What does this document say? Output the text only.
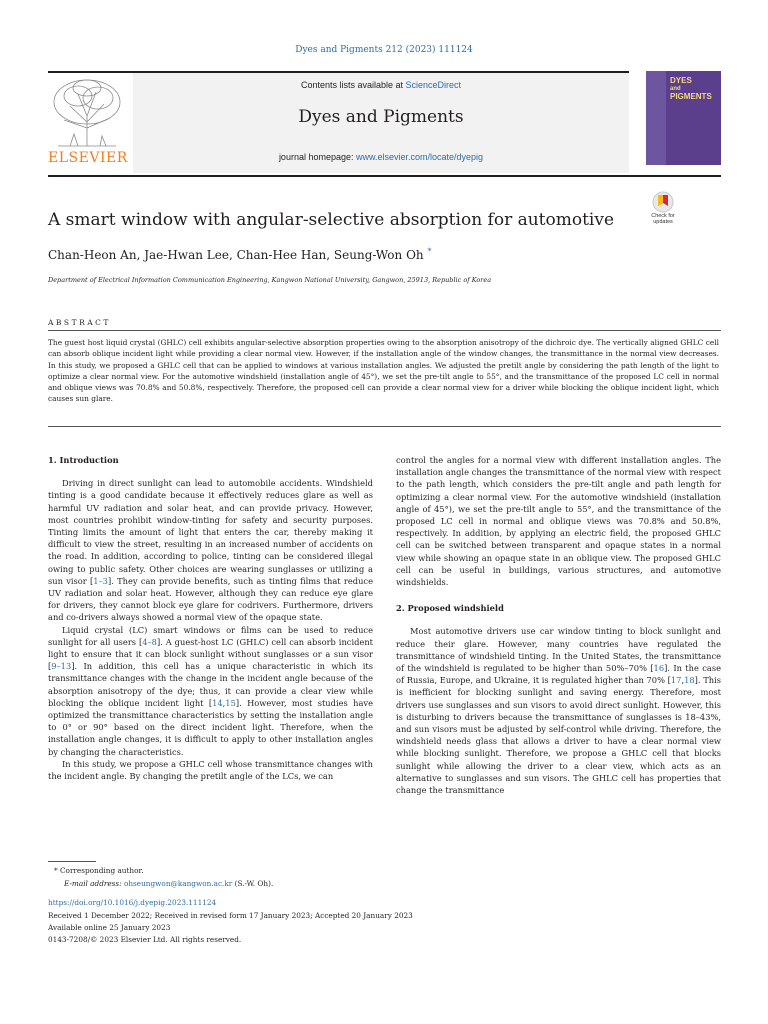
Dyes and Pigments 212 (2023) 111124
ELSEVIER
Contents lists available at ScienceDirect
Dyes and Pigments
journal homepage: www.elsevier.com/locate/dyepig
DYES
and
PIGMENTS
Check for
updates
A smart window with angular-selective absorption for automotive
Chan-Heon An, Jae-Hwan Lee, Chan-Hee Han, Seung-Won Oh *
Department of Electrical Information Communication Engineering, Kangwon National University, Gangwon, 25913, Republic of Korea
ABSTRACT
The guest host liquid crystal (GHLC) cell exhibits angular-selective absorption properties owing to the absorption anisotropy of the dichroic dye. The vertically aligned GHLC cell can absorb oblique incident light while providing a clear normal view. However, if the installation angle of the window changes, the transmittance in the normal view decreases. In this study, we proposed a GHLC cell that can be applied to windows at various installation angles. We adjusted the pretilt angle by considering the path length of the light to optimize a clear normal view. For the automotive windshield (installation angle of 45°), we set the pre-tilt angle to 55°, and the transmittance of the proposed LC cell in normal and oblique views was 70.8% and 50.8%, respectively. Therefore, the proposed cell can provide a clear normal view for a driver while blocking the oblique incident light, which causes sun glare.
1. Introduction

Driving in direct sunlight can lead to automobile accidents. Windshield tinting is a good candidate because it effectively reduces glare as well as harmful UV radiation and solar heat, and can provide privacy. However, most countries prohibit window-tinting for safety and security purposes. Tinting limits the amount of light that enters the car, thereby making it difficult to view the street, resulting in an increased number of accidents on the road. In addition, according to police, tinting can be considered illegal owing to public safety. Other choices are wearing sunglasses or utilizing a sun visor [1–3]. They can provide benefits, such as tinting films that reduce UV radiation and solar heat. However, although they can reduce eye glare for drivers, they cannot block eye glare for codrivers. Furthermore, drivers and co-drivers always showed a normal view of the opaque state.

Liquid crystal (LC) smart windows or films can be used to reduce sunlight for all users [4–8]. A guest-host LC (GHLC) cell can absorb incident light to ensure that it can block sunlight without sunglasses or a sun visor [9–13]. In addition, this cell has a unique characteristic in which its transmittance changes with the change in the incident angle because of the absorption anisotropy of the dye; thus, it can provide a clear view while blocking the oblique incident light [14,15]. However, most studies have optimized the transmittance characteristics by setting the installation angle to 0° or 90° based on the direct incident light. Therefore, when the installation angle changes, it is difficult to apply to other installation angles by changing the characteristics.

In this study, we propose a GHLC cell whose transmittance changes with the incident angle. By changing the pretilt angle of the LCs, we can

control the angles for a normal view with different installation angles. The installation angle changes the transmittance of the normal view with respect to the path length, which considers the pre-tilt angle and path length for optimizing a clear normal view. For the automotive windshield (installation angle of 45°), we set the pre-tilt angle to 55°, and the transmittance of the proposed LC cell in normal and oblique views was 70.8% and 50.8%, respectively. In addition, by applying an electric field, the proposed GHLC cell can be switched between transparent and opaque states in a normal view while showing an opaque state in an oblique view. The proposed GHLC cell can be useful in buildings, various structures, and automotive windshields.

2. Proposed windshield

Most automotive drivers use car window tinting to block sunlight and reduce their glare. However, many countries have regulated the transmittance of windshield tinting. In the United States, the transmittance of the windshield is regulated to be higher than 50%–70% [16]. In the case of Russia, Europe, and Ukraine, it is regulated higher than 70% [17,18]. This is inefficient for blocking sunlight and saving energy. Therefore, most drivers use sunglasses and sun visors to avoid direct sunlight. However, this is disturbing to drivers because the transmittance of sunglasses is 18–43%, and sun visors must be adjusted by self-control while driving. Therefore, the windshield needs glass that allows a driver to have a clear normal view while blocking sunlight. Therefore, we propose a GHLC cell that blocks sunlight while allowing the driver to a clear view, which acts as an alternative to sunglasses and sun visors. The GHLC cell has properties that change the transmittance

* Corresponding author.
E-mail address: ohseungwon@kangwon.ac.kr (S.-W. Oh).
https://doi.org/10.1016/j.dyepig.2023.111124
Received 1 December 2022; Received in revised form 17 January 2023; Accepted 20 January 2023
Available online 25 January 2023
0143-7208/© 2023 Elsevier Ltd. All rights reserved.
